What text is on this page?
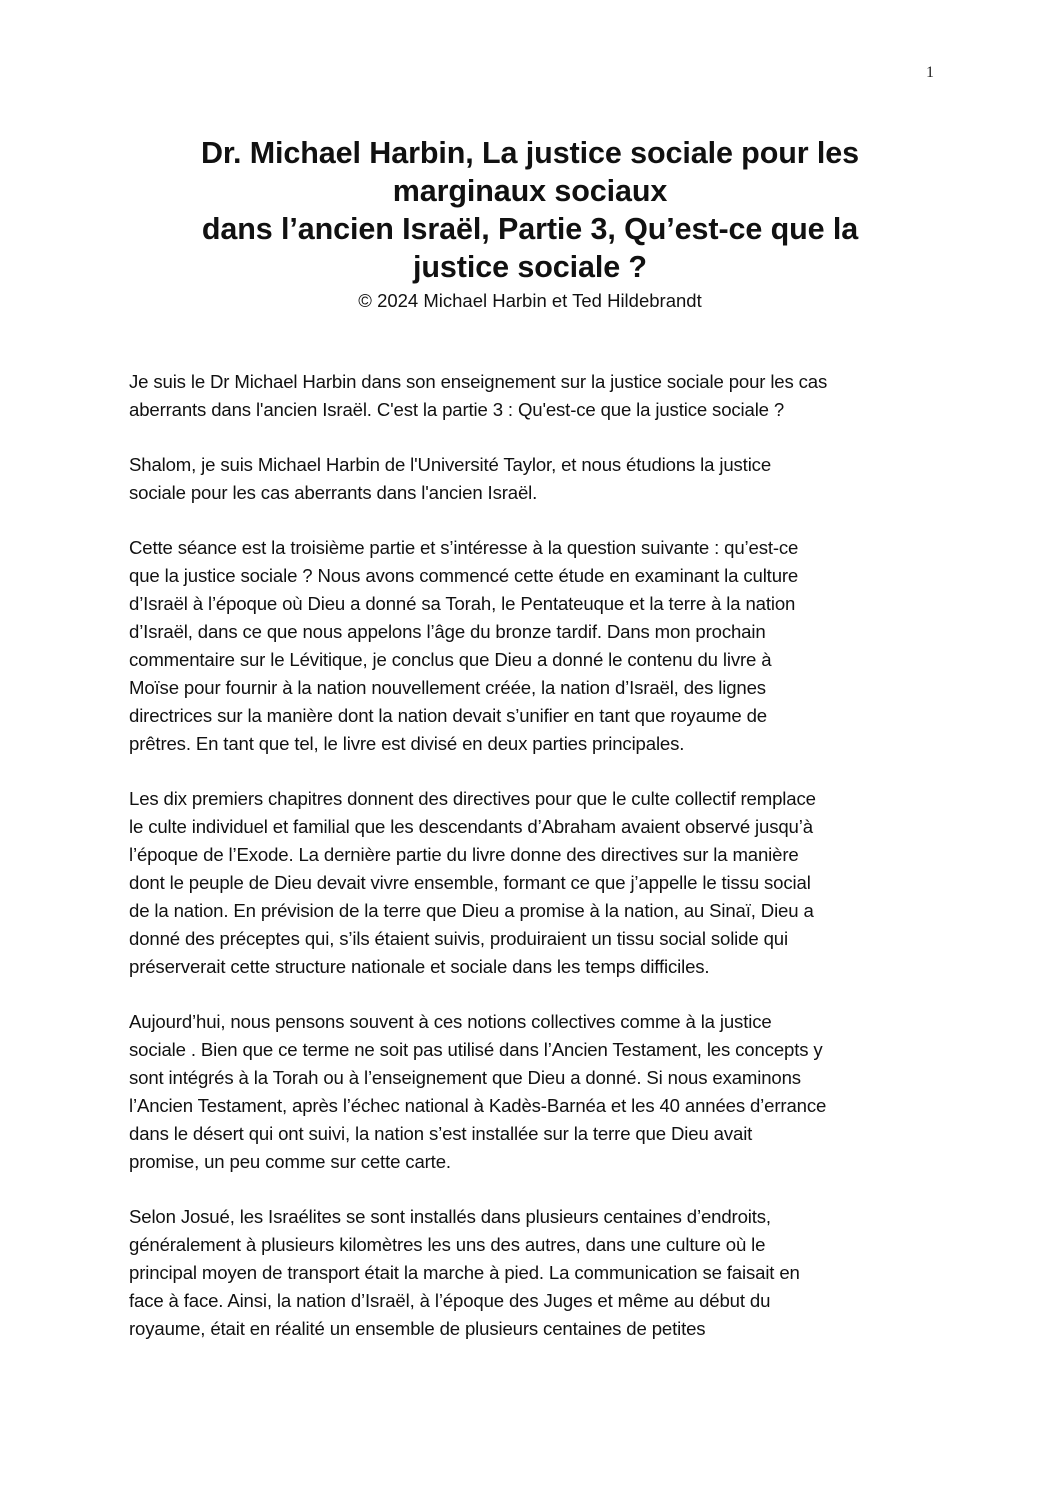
1
Dr. Michael Harbin, La justice sociale pour les
marginaux sociaux
dans l’ancien Israël, Partie 3, Qu’est-ce que la
justice sociale ?
© 2024 Michael Harbin et Ted Hildebrandt

Je suis le Dr Michael Harbin dans son enseignement sur la justice sociale pour les cas
aberrants dans l'ancien Israël. C'est la partie 3 : Qu'est-ce que la justice sociale ?

Shalom, je suis Michael Harbin de l'Université Taylor, et nous étudions la justice
sociale pour les cas aberrants dans l'ancien Israël.

Cette séance est la troisième partie et s’intéresse à la question suivante : qu’est-ce
que la justice sociale ? Nous avons commencé cette étude en examinant la culture
d’Israël à l’époque où Dieu a donné sa Torah, le Pentateuque et la terre à la nation
d’Israël, dans ce que nous appelons l’âge du bronze tardif. Dans mon prochain
commentaire sur le Lévitique, je conclus que Dieu a donné le contenu du livre à
Moïse pour fournir à la nation nouvellement créée, la nation d’Israël, des lignes
directrices sur la manière dont la nation devait s’unifier en tant que royaume de
prêtres. En tant que tel, le livre est divisé en deux parties principales.

Les dix premiers chapitres donnent des directives pour que le culte collectif remplace
le culte individuel et familial que les descendants d’Abraham avaient observé jusqu’à
l’époque de l’Exode. La dernière partie du livre donne des directives sur la manière
dont le peuple de Dieu devait vivre ensemble, formant ce que j’appelle le tissu social
de la nation. En prévision de la terre que Dieu a promise à la nation, au Sinaï, Dieu a
donné des préceptes qui, s’ils étaient suivis, produiraient un tissu social solide qui
préserverait cette structure nationale et sociale dans les temps difficiles.

Aujourd’hui, nous pensons souvent à ces notions collectives comme à la justice
sociale . Bien que ce terme ne soit pas utilisé dans l’Ancien Testament, les concepts y
sont intégrés à la Torah ou à l’enseignement que Dieu a donné. Si nous examinons
l’Ancien Testament, après l’échec national à Kadès-Barnéa et les 40 années d’errance
dans le désert qui ont suivi, la nation s’est installée sur la terre que Dieu avait
promise, un peu comme sur cette carte.

Selon Josué, les Israélites se sont installés dans plusieurs centaines d’endroits,
généralement à plusieurs kilomètres les uns des autres, dans une culture où le
principal moyen de transport était la marche à pied. La communication se faisait en
face à face. Ainsi, la nation d’Israël, à l’époque des Juges et même au début du
royaume, était en réalité un ensemble de plusieurs centaines de petites
